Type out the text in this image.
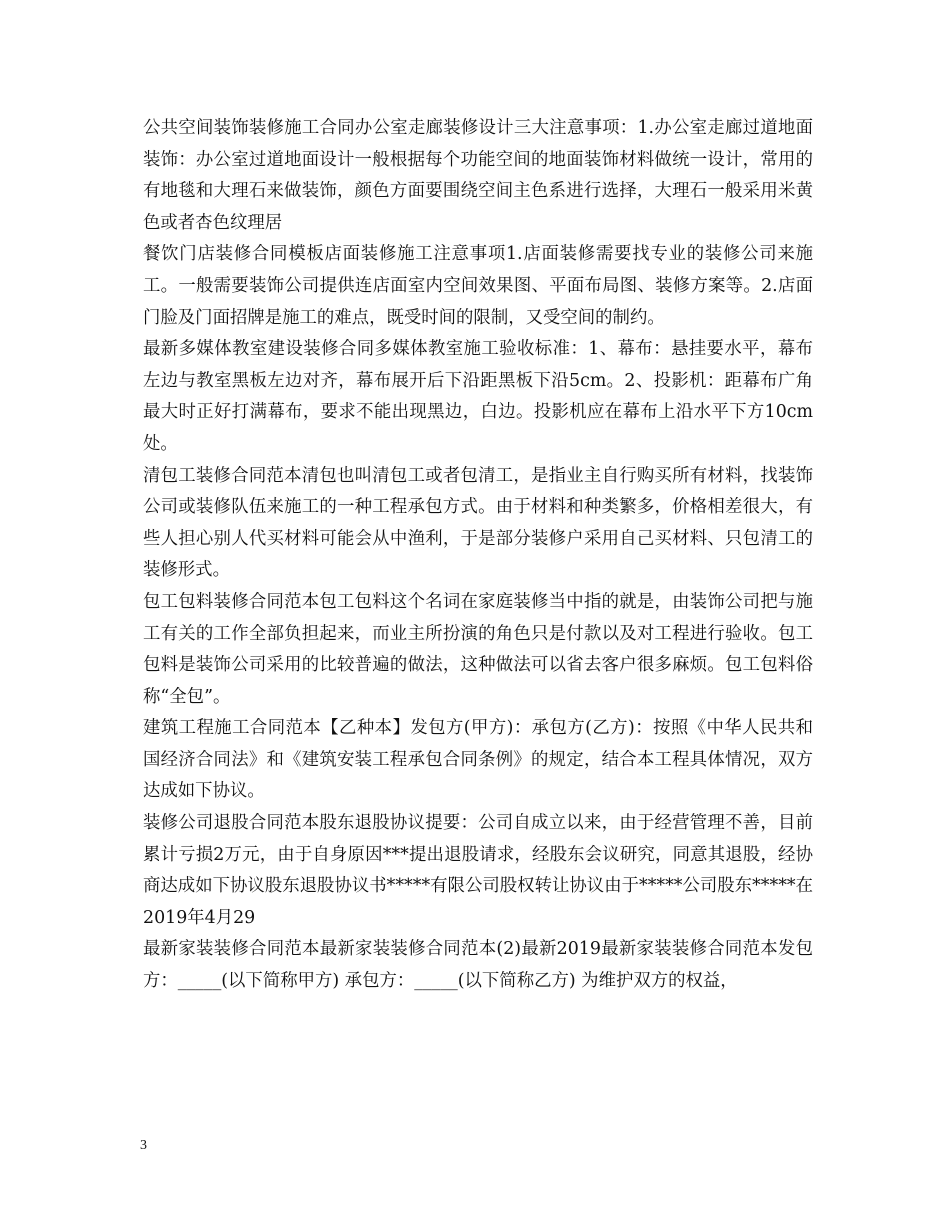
公共空间装饰装修施工合同办公室走廊装修设计三大注意事项：1.办公室走廊过道地面装饰：办公室过道地面设计一般根据每个功能空间的地面装饰材料做统一设计，常用的有地毯和大理石来做装饰，颜色方面要围绕空间主色系进行选择，大理石一般采用米黄色或者杏色纹理居

餐饮门店装修合同模板店面装修施工注意事项1.店面装修需要找专业的装修公司来施工。一般需要装饰公司提供连店面室内空间效果图、平面布局图、装修方案等。2.店面门脸及门面招牌是施工的难点，既受时间的限制，又受空间的制约。

最新多媒体教室建设装修合同多媒体教室施工验收标准：1、幕布：悬挂要水平，幕布左边与教室黑板左边对齐，幕布展开后下沿距黑板下沿5cm。2、投影机：距幕布广角最大时正好打满幕布，要求不能出现黑边，白边。投影机应在幕布上沿水平下方10cm处。

清包工装修合同范本清包也叫清包工或者包清工，是指业主自行购买所有材料，找装饰公司或装修队伍来施工的一种工程承包方式。由于材料和种类繁多，价格相差很大，有些人担心别人代买材料可能会从中渔利，于是部分装修户采用自己买材料、只包清工的装修形式。

包工包料装修合同范本包工包料这个名词在家庭装修当中指的就是，由装饰公司把与施工有关的工作全部负担起来，而业主所扮演的角色只是付款以及对工程进行验收。包工包料是装饰公司采用的比较普遍的做法，这种做法可以省去客户很多麻烦。包工包料俗称“全包”。

建筑工程施工合同范本【乙种本】发包方(甲方)：承包方(乙方)：按照《中华人民共和国经济合同法》和《建筑安装工程承包合同条例》的规定，结合本工程具体情况，双方达成如下协议。

装修公司退股合同范本股东退股协议提要：公司自成立以来，由于经营管理不善，目前累计亏损2万元，由于自身原因***提出退股请求，经股东会议研究，同意其退股，经协商达成如下协议股东退股协议书*****有限公司股权转让协议由于*****公司股东*****在2019年4月29

最新家装装修合同范本最新家装装修合同范本(2)最新2019最新家装装修合同范本发包方：_____(以下简称甲方) 承包方：_____(以下简称乙方) 为维护双方的权益，

3
